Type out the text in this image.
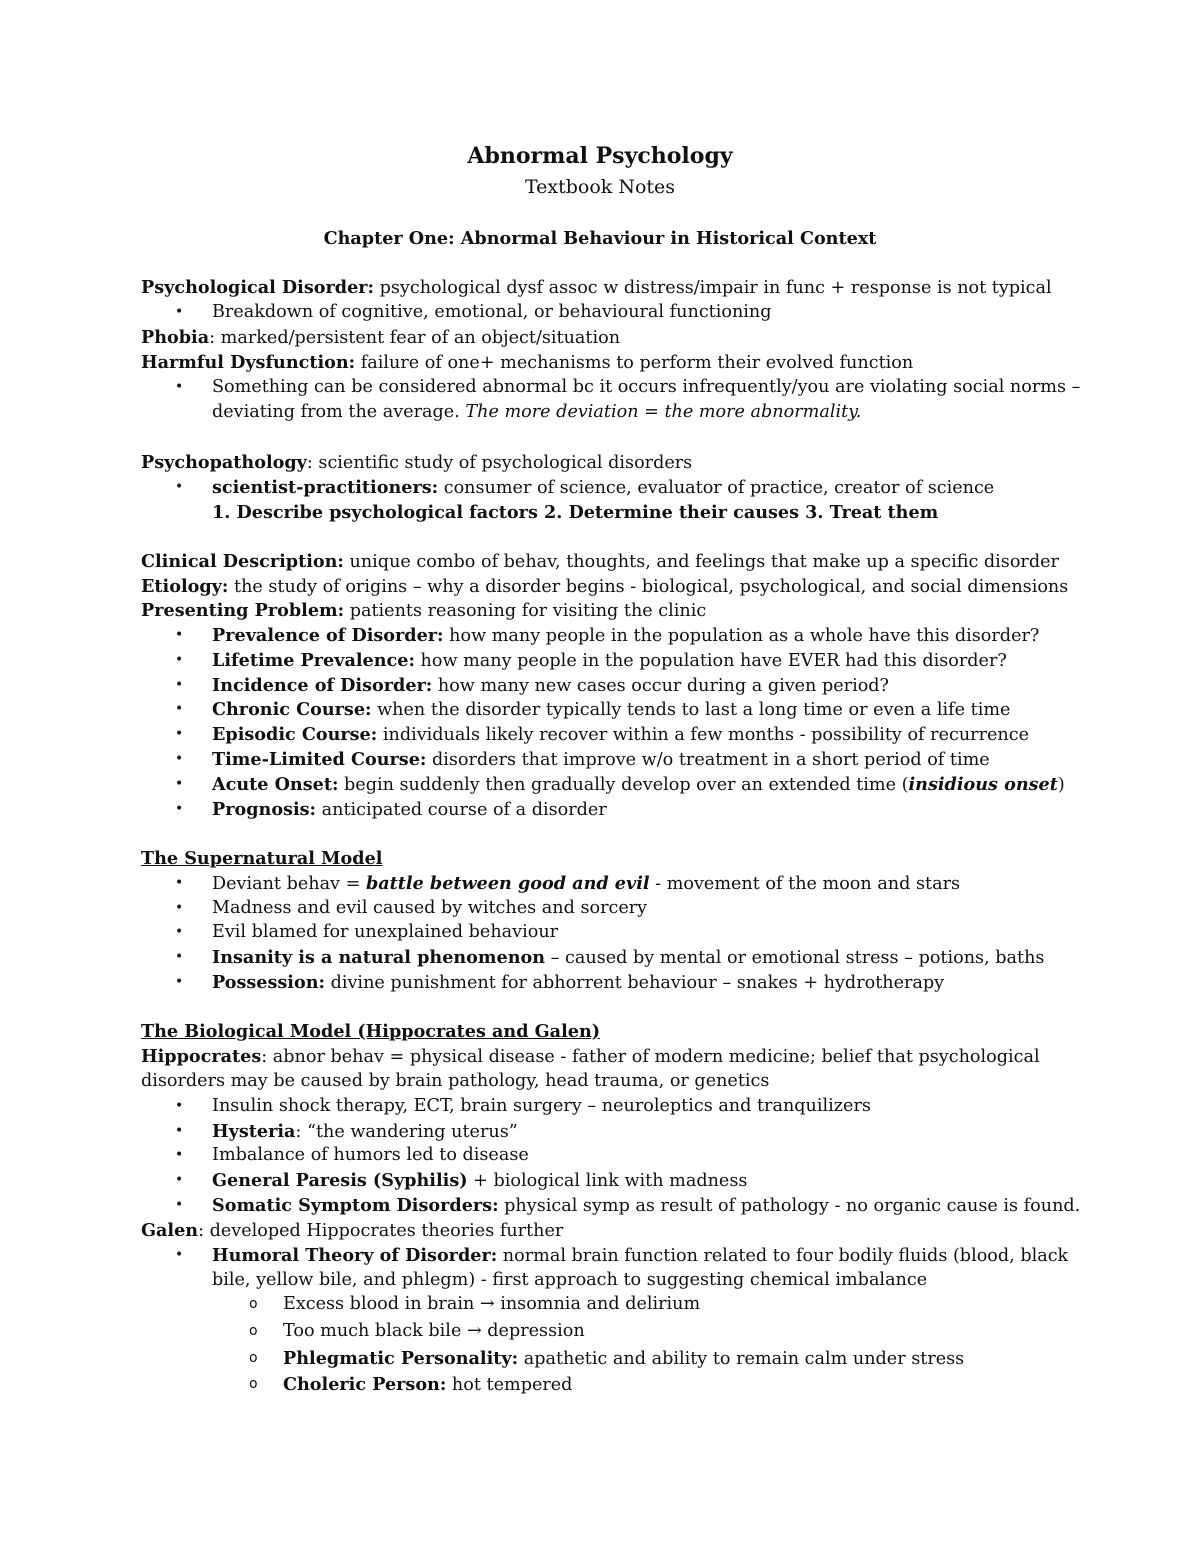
Abnormal Psychology
Textbook Notes
Chapter One: Abnormal Behaviour in Historical Context
Psychological Disorder: psychological dysf assoc w distress/impair in func + response is not typical
• Breakdown of cognitive, emotional, or behavioural functioning
Phobia: marked/persistent fear of an object/situation
Harmful Dysfunction: failure of one+ mechanisms to perform their evolved function
• Something can be considered abnormal bc it occurs infrequently/you are violating social norms –
deviating from the average. The more deviation = the more abnormality.
Psychopathology: scientific study of psychological disorders
• scientist-practitioners: consumer of science, evaluator of practice, creator of science
1. Describe psychological factors 2. Determine their causes 3. Treat them
Clinical Description: unique combo of behav, thoughts, and feelings that make up a specific disorder
Etiology: the study of origins – why a disorder begins - biological, psychological, and social dimensions
Presenting Problem: patients reasoning for visiting the clinic
• Prevalence of Disorder: how many people in the population as a whole have this disorder?
• Lifetime Prevalence: how many people in the population have EVER had this disorder?
• Incidence of Disorder: how many new cases occur during a given period?
• Chronic Course: when the disorder typically tends to last a long time or even a life time
• Episodic Course: individuals likely recover within a few months - possibility of recurrence
• Time-Limited Course: disorders that improve w/o treatment in a short period of time
• Acute Onset: begin suddenly then gradually develop over an extended time (insidious onset)
• Prognosis: anticipated course of a disorder
The Supernatural Model
• Deviant behav = battle between good and evil - movement of the moon and stars
• Madness and evil caused by witches and sorcery
• Evil blamed for unexplained behaviour
• Insanity is a natural phenomenon – caused by mental or emotional stress – potions, baths
• Possession: divine punishment for abhorrent behaviour – snakes + hydrotherapy
The Biological Model (Hippocrates and Galen)
Hippocrates: abnor behav = physical disease - father of modern medicine; belief that psychological
disorders may be caused by brain pathology, head trauma, or genetics
• Insulin shock therapy, ECT, brain surgery – neuroleptics and tranquilizers
• Hysteria: “the wandering uterus”
• Imbalance of humors led to disease
• General Paresis (Syphilis) + biological link with madness
• Somatic Symptom Disorders: physical symp as result of pathology - no organic cause is found.
Galen: developed Hippocrates theories further
• Humoral Theory of Disorder: normal brain function related to four bodily fluids (blood, black
bile, yellow bile, and phlegm) - first approach to suggesting chemical imbalance
o Excess blood in brain → insomnia and delirium
o Too much black bile → depression
o Phlegmatic Personality: apathetic and ability to remain calm under stress
o Choleric Person: hot tempered
